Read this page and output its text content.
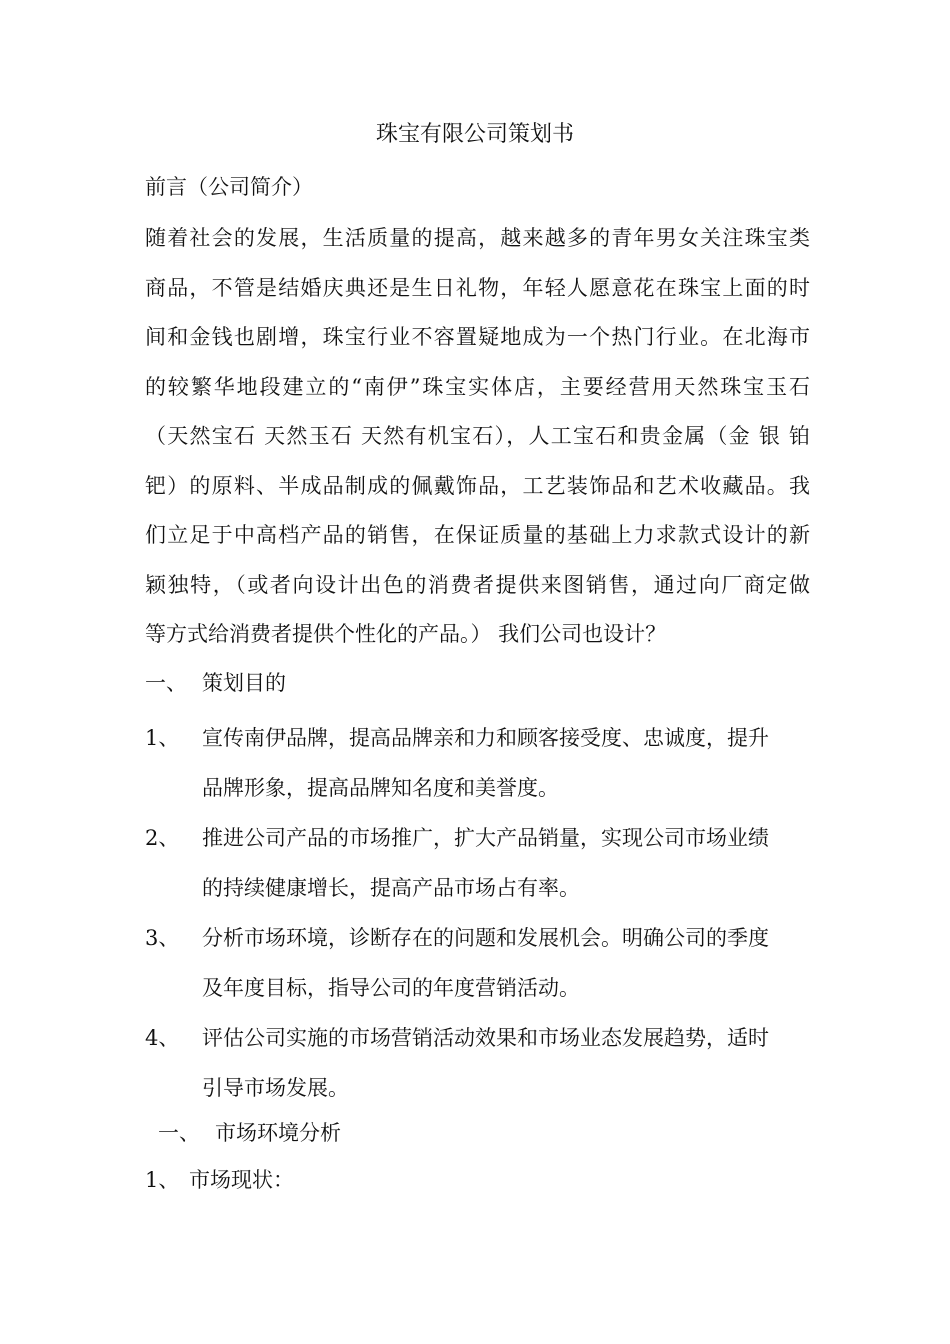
珠宝有限公司策划书
前言（公司简介）
随着社会的发展，生活质量的提高，越来越多的青年男女关注珠宝类
商品，不管是结婚庆典还是生日礼物，年轻人愿意花在珠宝上面的时
间和金钱也剧增，珠宝行业不容置疑地成为一个热门行业。在北海市
的较繁华地段建立的“南伊”珠宝实体店，主要经营用天然珠宝玉石
（天然宝石 天然玉石 天然有机宝石），人工宝石和贵金属（金 银 铂
钯）的原料、半成品制成的佩戴饰品，工艺装饰品和艺术收藏品。我
们立足于中高档产品的销售，在保证质量的基础上力求款式设计的新
颖独特，（或者向设计出色的消费者提供来图销售，通过向厂商定做
等方式给消费者提供个性化的产品。） 我们公司也设计？
一、 策划目的
1、 宣传南伊品牌，提高品牌亲和力和顾客接受度、忠诚度，提升
品牌形象，提高品牌知名度和美誉度。
2、 推进公司产品的市场推广，扩大产品销量，实现公司市场业绩
的持续健康增长，提高产品市场占有率。
3、 分析市场环境，诊断存在的问题和发展机会。明确公司的季度
及年度目标，指导公司的年度营销活动。
4、 评估公司实施的市场营销活动效果和市场业态发展趋势，适时
引导市场发展。
一、 市场环境分析
1、 市场现状：
